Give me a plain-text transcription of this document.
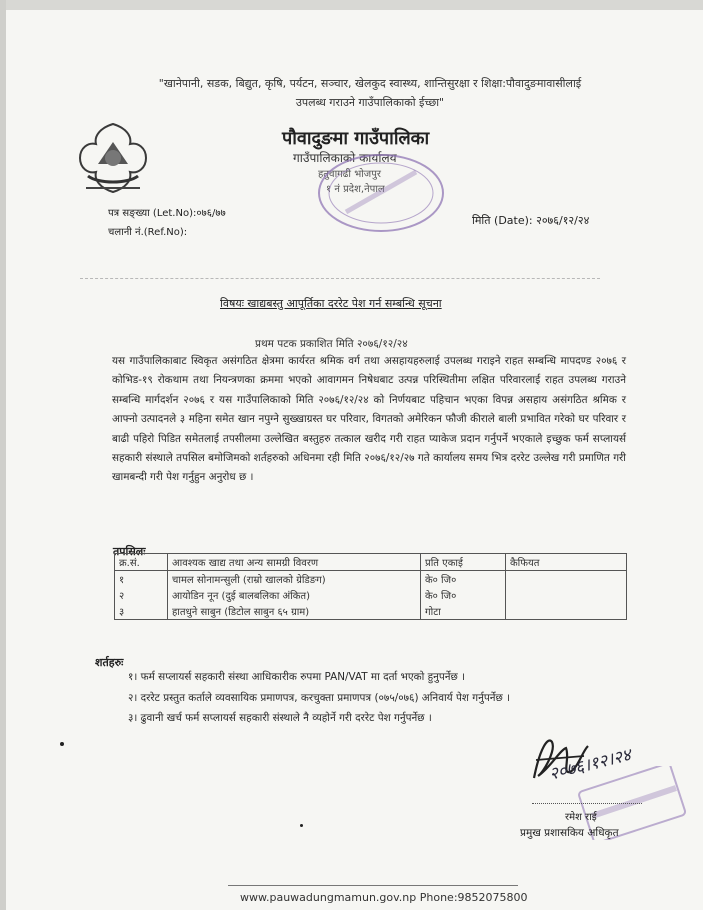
"खानेपानी, सडक, बिद्युत, कृषि, पर्यटन, सञ्चार, खेलकुद स्वास्थ्य, शान्तिसुरक्षा र शिक्षा:पौवादुङमावासीलाई उपलब्ध गराउने गाउँपालिकाको ईच्छा"
पौवादुङमा गाउँपालिका
गाउँपालिकाको कार्यालय
हतुवागढी भोजपुर
१ नं प्रदेश,नेपाल
पत्र सङ्ख्या (Let.No):०७६/७७
चलानी नं.(Ref.No):
मिति (Date): २०७६/१२/२४
विषयः खाद्यबस्तु आपूर्तिका दररेट पेश गर्न सम्बन्धि सूचना
प्रथम पटक प्रकाशित मिति २०७६/१२/२४
यस गाउँपालिकाबाट स्विकृत असंगठित क्षेत्रमा कार्यरत श्रमिक वर्ग तथा असहायहरुलाई उपलब्ध गराइने राहत सम्बन्धि मापदण्ड २०७६ र कोभिड-१९ रोकथाम तथा नियन्त्रणका क्रममा भएको आवागमन निषेधबाट उत्पन्न परिस्थितीमा लक्षित परिवारलाई राहत उपलब्ध गराउने सम्बन्धि मार्गदर्शन २०७६ र यस गाउँपालिकाको मिति २०७६/१२/२४ को निर्णयबाट पहिचान भएका विपन्न असहाय असंगठित श्रमिक र आफ्नो उत्पादनले ३ महिना समेत खान नपुग्ने सुख्खाग्रस्त घर परिवार, विगतको अमेरिकन फौजी कीराले बाली प्रभावित गरेको घर परिवार र बाढी पहिरो पिडित समेतलाई तपसीलमा उल्लेखित बस्तुहरु तत्काल खरीद गरी राहत प्याकेज प्रदान गर्नुपर्ने भएकाले इच्छुक फर्म सप्लायर्स सहकारी संस्थाले तपसिल बमोजिमको शर्तहरुको अधिनमा रही मिति २०७६/१२/२७ गते कार्यालय समय भित्र दररेट उल्लेख गरी प्रमाणित गरी खामबन्दी गरी पेश गर्नुहुन अनुरोध छ ।
तपसिलः
क्र.सं.	आवश्यक खाद्य तथा अन्य सामग्री विवरण	प्रति एकाई	कैफियत
१	चामल सोनामन्सुली (राम्रो खालको ग्रेडिङग)	के० जि०	
२	आयोडिन नून (दुई बालबलिका अंकित)	के० जि०	
३	हातधुने साबुन (डिटोल साबुन ६५ ग्राम)	गोटा	
शर्तहरुः
१। फर्म सप्लायर्स सहकारी संस्था आधिकारीक रुपमा PAN/VAT मा दर्ता भएको हुनुपर्नेछ ।
२। दररेट प्रस्तुत कर्ताले व्यवसायिक प्रमाणपत्र, करचुक्ता प्रमाणपत्र (०७५/०७६) अनिवार्य पेश गर्नुपर्नेछ ।
३। ढुवानी खर्च फर्म सप्लायर्स सहकारी संस्थाले नै व्यहोर्ने गरी दररेट पेश गर्नुपर्नेछ ।
२०७६।१२।२४
रमेश राई
प्रमुख प्रशासकिय अधिकृत
www.pauwadungmamun.gov.np Phone:9852075800
